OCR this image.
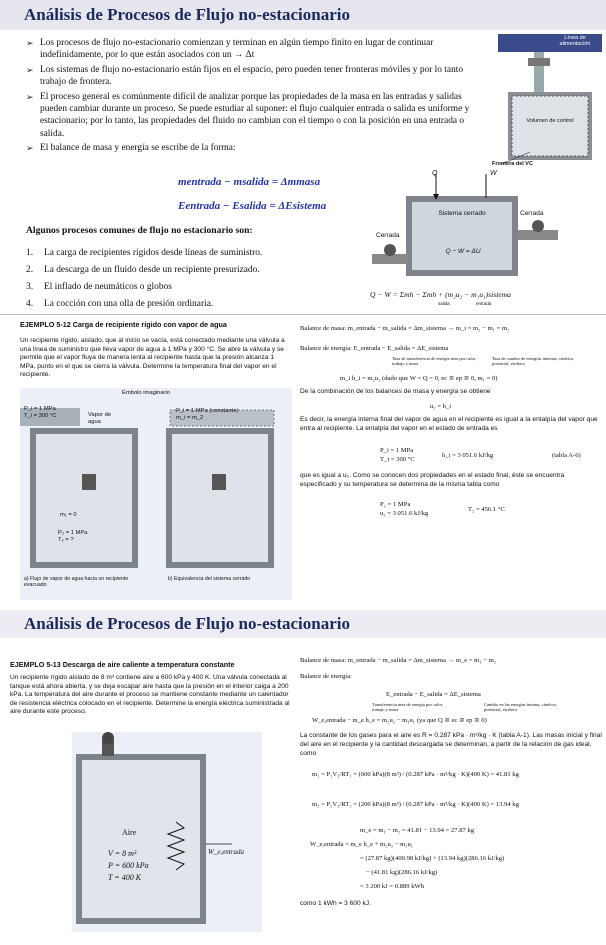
Análisis de Procesos de Flujo no-estacionario
➢ Los procesos de flujo no-estacionario comienzan y terminan en algún tiempo finito en lugar de continuar indefinidamente, por lo que están asociados con un → Δt
➢ Los sistemas de flujo no-estacionario están fijos en el espacio, pero pueden tener fronteras móviles y por lo tanto trabajo de frontera.
➢ El proceso general es comúnmente difícil de analizar porque las propiedades de la masa en las entradas y salidas pueden cambiar durante un proceso. Se puede estudiar al suponer: el flujo cualquier entrada o salida es uniforme y estacionario; por lo tanto, las propiedades del fluido no cambian con el tiempo o con la posición en una entrada o salida.
➢ El balance de masa y energía se escribe de la forma:
mentrada − msalida = Δmmasa
Eentrada − Esalida = ΔEsistema
Algunos procesos comunes de flujo no estacionario son:
1. La carga de recipientes rígidos desde líneas de suministro.
2. La descarga de un fluido desde un recipiente presurizado.
3. El inflado de neumáticos o globos
4. La cocción con una olla de presión ordinaria.
Línea de alimentación
Volumen de control
Frontera del VC
Q	W
Cerrada
Cerrada
Sistema cerrado
Q − W = ΔU
Q − W = Σmh − Σmh + (m₂u₂ − m₁u₁)sistema
salida	entrada
EJEMPLO 5-12 Carga de recipiente rígido con vapor de agua
Un recipiente rígido, aislado, que al inicio se vacía, está conectado mediante una válvula a una línea de suministro que lleva vapor de agua a 1 MPa y 300 °C. Se abre la válvula y se permite que el vapor fluya de manera lenta al recipiente hasta que la presión alcanza 1 MPa, punto en el que se cierra la válvula. Determine la temperatura final del vapor en el recipiente.
Émbolo imaginario
P_i = 1 MPa
T_i = 300 °C	Vapor de agua
P_i = 1 MPa (constante)
m_i = m_2
m₁ = 0
P₂ = 1 MPa
T₂ = ?
a) Flujo de vapor de agua hacia un recipiente evacuado
b) Equivalencia del sistema cerrado
Balance de masa: m_entrada − m_salida = Δm_sistema → m_i = m₂ − m₁ = m₂
Balance de energía: E_entrada − E_salida = ΔE_sistema
Tasa de transferencia de energía neta por calor, trabajo y masa
Tasa de cambio de energías internas, cinética, potencial, etcétera
m_i h_i = m₂u₂ (dado que W = Q = 0, ec ≅ ep ≅ 0, m₁ = 0)
De la combinación de los balances de masa y energía se obtiene
u₂ = h_i
Es decir, la energía interna final del vapor de agua en el recipiente es igual a la entalpía del vapor que entra al recipiente. La entalpía del vapor en el estado de entrada es
P_i = 1 MPa
T_i = 300 °C
h_i = 3 051.6 kJ/kg	(tabla A-6)
que es igual a u₂. Como se conocen dos propiedades en el estado final, éste se encuentra especificado y su temperatura se determina de la misma tabla como
P₂ = 1 MPa
u₂ = 3 051.6 kJ/kg
T₂ = 456.1 °C
Análisis de Procesos de Flujo no-estacionario
EJEMPLO 5-13 Descarga de aire caliente a temperatura constante
Un recipiente rígido aislado de 8 m³ contiene aire a 600 kPa y 400 K. Una válvula conectada al tanque está ahora abierta, y se deja escapar aire hasta que la presión en el interior caiga a 200 kPa. La temperatura del aire durante el proceso se mantiene constante mediante un calentador de resistencia eléctrica colocado en el recipiente. Determine la energía eléctrica suministrada al aire durante este proceso.
Aire
V = 8 m³
P = 600 kPa
T = 400 K
W_e,entrada
Balance de masa: m_entrada − m_salida = Δm_sistema → m_e = m₁ − m₂
Balance de energía:
E_entrada − E_salida = ΔE_sistema
Transferencia neta de energía por calor, trabajo y masa
Cambio en las energías interna, cinética, potencial, etcétera
W_e,entrada − m_e h_e = m₂u₂ − m₁u₁ (ya que Q ≅ ec ≅ ep ≅ 0)
La constante de los gases para el aire es R = 0.287 kPa · m³/kg · K (tabla A-1). Las masas inicial y final del aire en el recipiente y la cantidad descargada se determinan, a partir de la relación de gas ideal, como
m₁ = P₁V₁/RT₁ = (600 kPa)(8 m³) / (0.287 kPa · m³/kg · K)(400 K) = 41.81 kg
m₂ = P₂V₂/RT₂ = (200 kPa)(8 m³) / (0.287 kPa · m³/kg · K)(400 K) = 13.94 kg
m_e = m₁ − m₂ = 41.81 − 13.94 = 27.87 kg
W_e,entrada = m_e h_e + m₂u₂ − m₁u₁
= (27.87 kg)(400.98 kJ/kg) + (13.94 kg)(286.16 kJ/kg)
− (41.81 kg)(286.16 kJ/kg)
= 3 200 kJ = 0.889 kWh
como 1 kWh = 3 600 kJ.
